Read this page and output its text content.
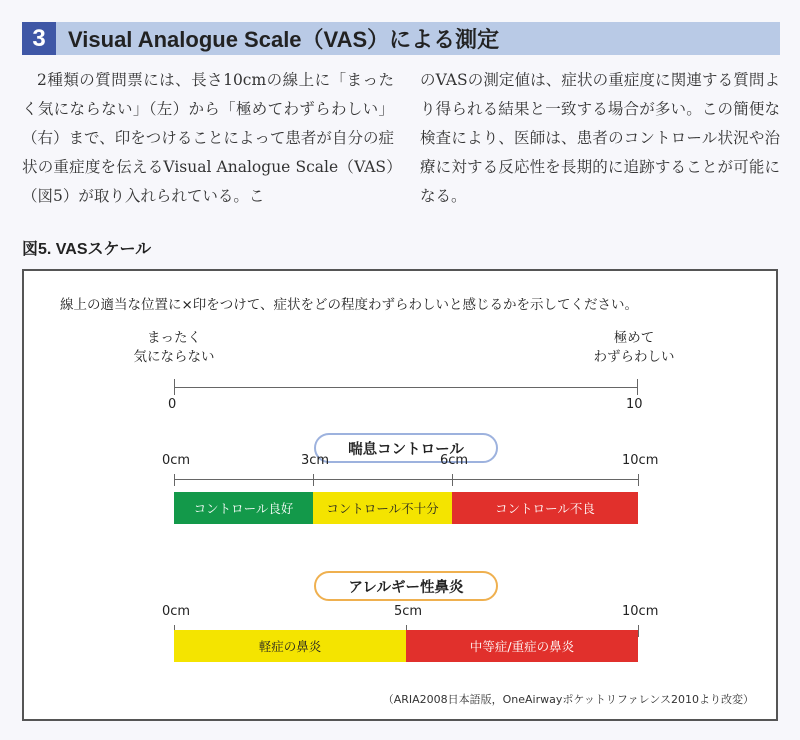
3	Visual Analogue Scale（VAS）による測定
2種類の質問票には、長さ10cmの線上に「まったく気にならない」（左）から「極めてわずらわしい」（右）まで、印をつけることによって患者が自分の症状の重症度を伝えるVisual Analogue Scale（VAS）（図5）が取り入れられている。こ
のVASの測定値は、症状の重症度に関連する質問より得られる結果と一致する場合が多い。この簡便な検査により、医師は、患者のコントロール状況や治療に対する反応性を長期的に追跡することが可能になる。
図5. VASスケール
線上の適当な位置に×印をつけて、症状をどの程度わずらわしいと感じるかを示してください。
まったく
気にならない
極めて
わずらわしい
0	10
喘息コントロール
アレルギー性鼻炎
（ARIA2008日本語版，OneAirwayポケットリファレンス2010より改変）
0cm	3cm	6cm	10cm
コントロール良好	コントロール不十分	コントロール不良
0cm	5cm	10cm
軽症の鼻炎	中等症/重症の鼻炎
